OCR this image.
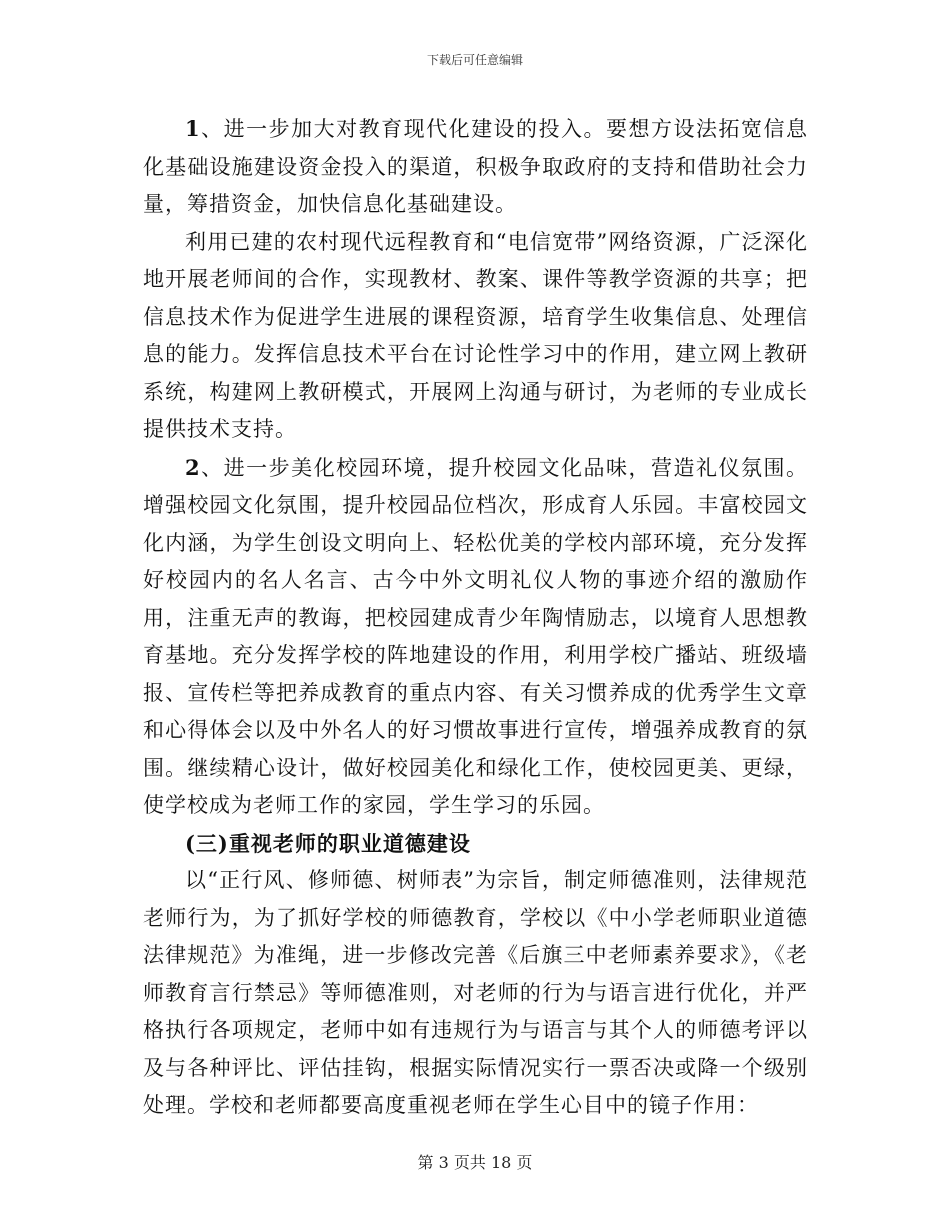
下载后可任意编辑

1、进一步加大对教育现代化建设的投入。要想方设法拓宽信息化基础设施建设资金投入的渠道，积极争取政府的支持和借助社会力量，筹措资金，加快信息化基础建设。

利用已建的农村现代远程教育和“电信宽带”网络资源，广泛深化地开展老师间的合作，实现教材、教案、课件等教学资源的共享；把信息技术作为促进学生进展的课程资源，培育学生收集信息、处理信息的能力。发挥信息技术平台在讨论性学习中的作用，建立网上教研系统，构建网上教研模式，开展网上沟通与研讨，为老师的专业成长提供技术支持。

2、进一步美化校园环境，提升校园文化品味，营造礼仪氛围。增强校园文化氛围，提升校园品位档次，形成育人乐园。丰富校园文化内涵，为学生创设文明向上、轻松优美的学校内部环境，充分发挥好校园内的名人名言、古今中外文明礼仪人物的事迹介绍的激励作用，注重无声的教诲，把校园建成青少年陶情励志，以境育人思想教育基地。充分发挥学校的阵地建设的作用，利用学校广播站、班级墙报、宣传栏等把养成教育的重点内容、有关习惯养成的优秀学生文章和心得体会以及中外名人的好习惯故事进行宣传，增强养成教育的氛围。继续精心设计，做好校园美化和绿化工作，使校园更美、更绿，使学校成为老师工作的家园，学生学习的乐园。

(三)重视老师的职业道德建设

以“正行风、修师德、树师表”为宗旨，制定师德准则，法律规范老师行为，为了抓好学校的师德教育，学校以《中小学老师职业道德法律规范》为准绳，进一步修改完善《后旗三中老师素养要求》，《老师教育言行禁忌》等师德准则，对老师的行为与语言进行优化，并严格执行各项规定，老师中如有违规行为与语言与其个人的师德考评以及与各种评比、评估挂钩，根据实际情况实行一票否决或降一个级别处理。学校和老师都要高度重视老师在学生心目中的镜子作用：

第 3 页共 18 页
